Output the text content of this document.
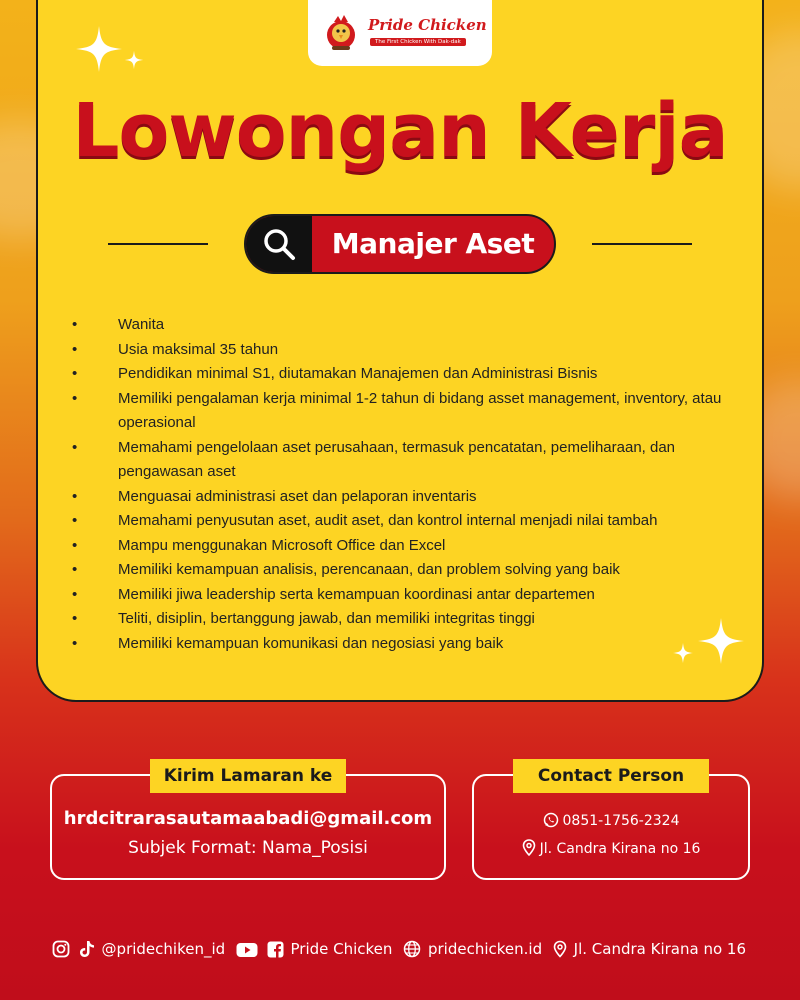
Pride Chicken
The First Chicken With Dak-dak
Lowongan Kerja
Manajer Aset
• Wanita
• Usia maksimal 35 tahun
• Pendidikan minimal S1, diutamakan Manajemen dan Administrasi Bisnis
• Memiliki pengalaman kerja minimal 1-2 tahun di bidang asset management, inventory, atau operasional
• Memahami pengelolaan aset perusahaan, termasuk pencatatan, pemeliharaan, dan pengawasan aset
• Menguasai administrasi aset dan pelaporan inventaris
• Memahami penyusutan aset, audit aset, dan kontrol internal menjadi nilai tambah
• Mampu menggunakan Microsoft Office dan Excel
• Memiliki kemampuan analisis, perencanaan, dan problem solving yang baik
• Memiliki jiwa leadership serta kemampuan koordinasi antar departemen
• Teliti, disiplin, bertanggung jawab, dan memiliki integritas tinggi
• Memiliki kemampuan komunikasi dan negosiasi yang baik
Kirim Lamaran ke
hrdcitrarasautamaabadi@gmail.com
Subjek Format: Nama_Posisi
Contact Person
0851-1756-2324
Jl. Candra Kirana no 16
@pridechiken_id	Pride Chicken pridechicken.id Jl. Candra Kirana no 16
